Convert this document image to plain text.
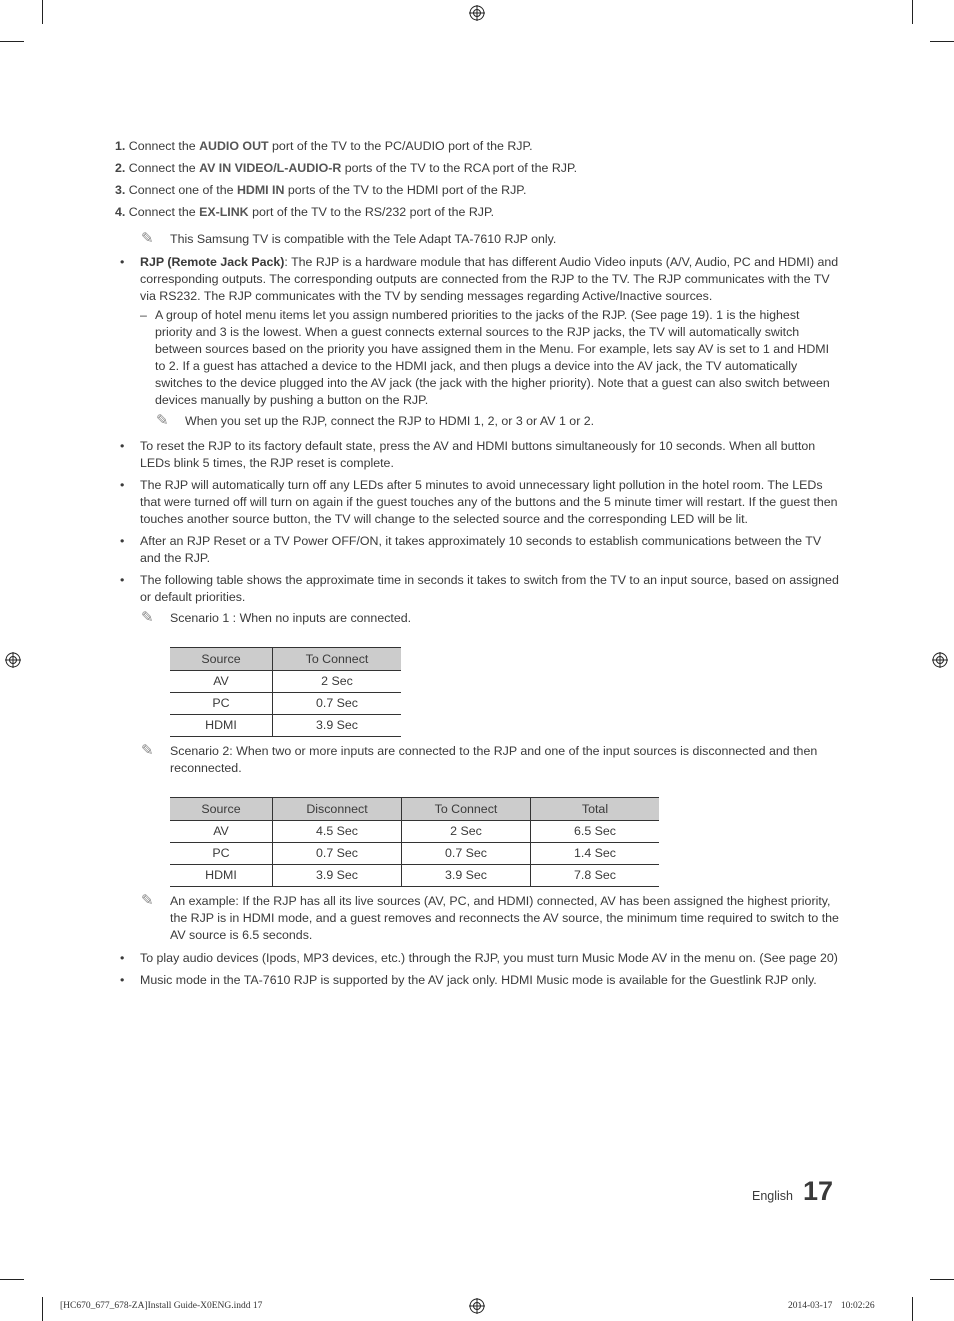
1. Connect the AUDIO OUT port of the TV to the PC/AUDIO port of the RJP.
2. Connect the AV IN VIDEO/L-AUDIO-R ports of the TV to the RCA port of the RJP.
3. Connect one of the HDMI IN ports of the TV to the HDMI port of the RJP.
4. Connect the EX-LINK port of the TV to the RS/232 port of the RJP.
✎ This Samsung TV is compatible with the Tele Adapt TA-7610 RJP only.
• RJP (Remote Jack Pack): The RJP is a hardware module that has different Audio Video inputs (A/V, Audio, PC and HDMI) and corresponding outputs. The corresponding outputs are connected from the RJP to the TV. The RJP communicates with the TV via RS232. The RJP communicates with the TV by sending messages regarding Active/Inactive sources.
– A group of hotel menu items let you assign numbered priorities to the jacks of the RJP. (See page 19). 1 is the highest priority and 3 is the lowest. When a guest connects external sources to the RJP jacks, the TV will automatically switch between sources based on the priority you have assigned them in the Menu. For example, lets say AV is set to 1 and HDMI to 2. If a guest has attached a device to the HDMI jack, and then plugs a device into the AV jack, the TV automatically switches to the device plugged into the AV jack (the jack with the higher priority). Note that a guest can also switch between devices manually by pushing a button on the RJP.
✎ When you set up the RJP, connect the RJP to HDMI 1, 2, or 3 or AV 1 or 2.
• To reset the RJP to its factory default state, press the AV and HDMI buttons simultaneously for 10 seconds. When all button LEDs blink 5 times, the RJP reset is complete.
• The RJP will automatically turn off any LEDs after 5 minutes to avoid unnecessary light pollution in the hotel room. The LEDs that were turned off will turn on again if the guest touches any of the buttons and the 5 minute timer will restart. If the guest then touches another source button, the TV will change to the selected source and the corresponding LED will be lit.
• After an RJP Reset or a TV Power OFF/ON, it takes approximately 10 seconds to establish communications between the TV and the RJP.
• The following table shows the approximate time in seconds it takes to switch from the TV to an input source, based on assigned or default priorities.
✎ Scenario 1 : When no inputs are connected.
Source	To Connect
AV	2 Sec
PC	0.7 Sec
HDMI	3.9 Sec
✎ Scenario 2: When two or more inputs are connected to the RJP and one of the input sources is disconnected and then reconnected.
Source	Disconnect	To Connect	Total
AV	4.5 Sec	2 Sec	6.5 Sec
PC	0.7 Sec	0.7 Sec	1.4 Sec
HDMI	3.9 Sec	3.9 Sec	7.8 Sec
✎ An example: If the RJP has all its live sources (AV, PC, and HDMI) connected, AV has been assigned the highest priority, the RJP is in HDMI mode, and a guest removes and reconnects the AV source, the minimum time required to switch to the AV source is 6.5 seconds.
• To play audio devices (Ipods, MP3 devices, etc.) through the RJP, you must turn Music Mode AV in the menu on. (See page 20)
• Music mode in the TA-7610 RJP is supported by the AV jack only. HDMI Music mode is available for the Guestlink RJP only.
English 17
[HC670_677_678-ZA]Install Guide-X0ENG.indd 17	2014-03-17    10:02:26
